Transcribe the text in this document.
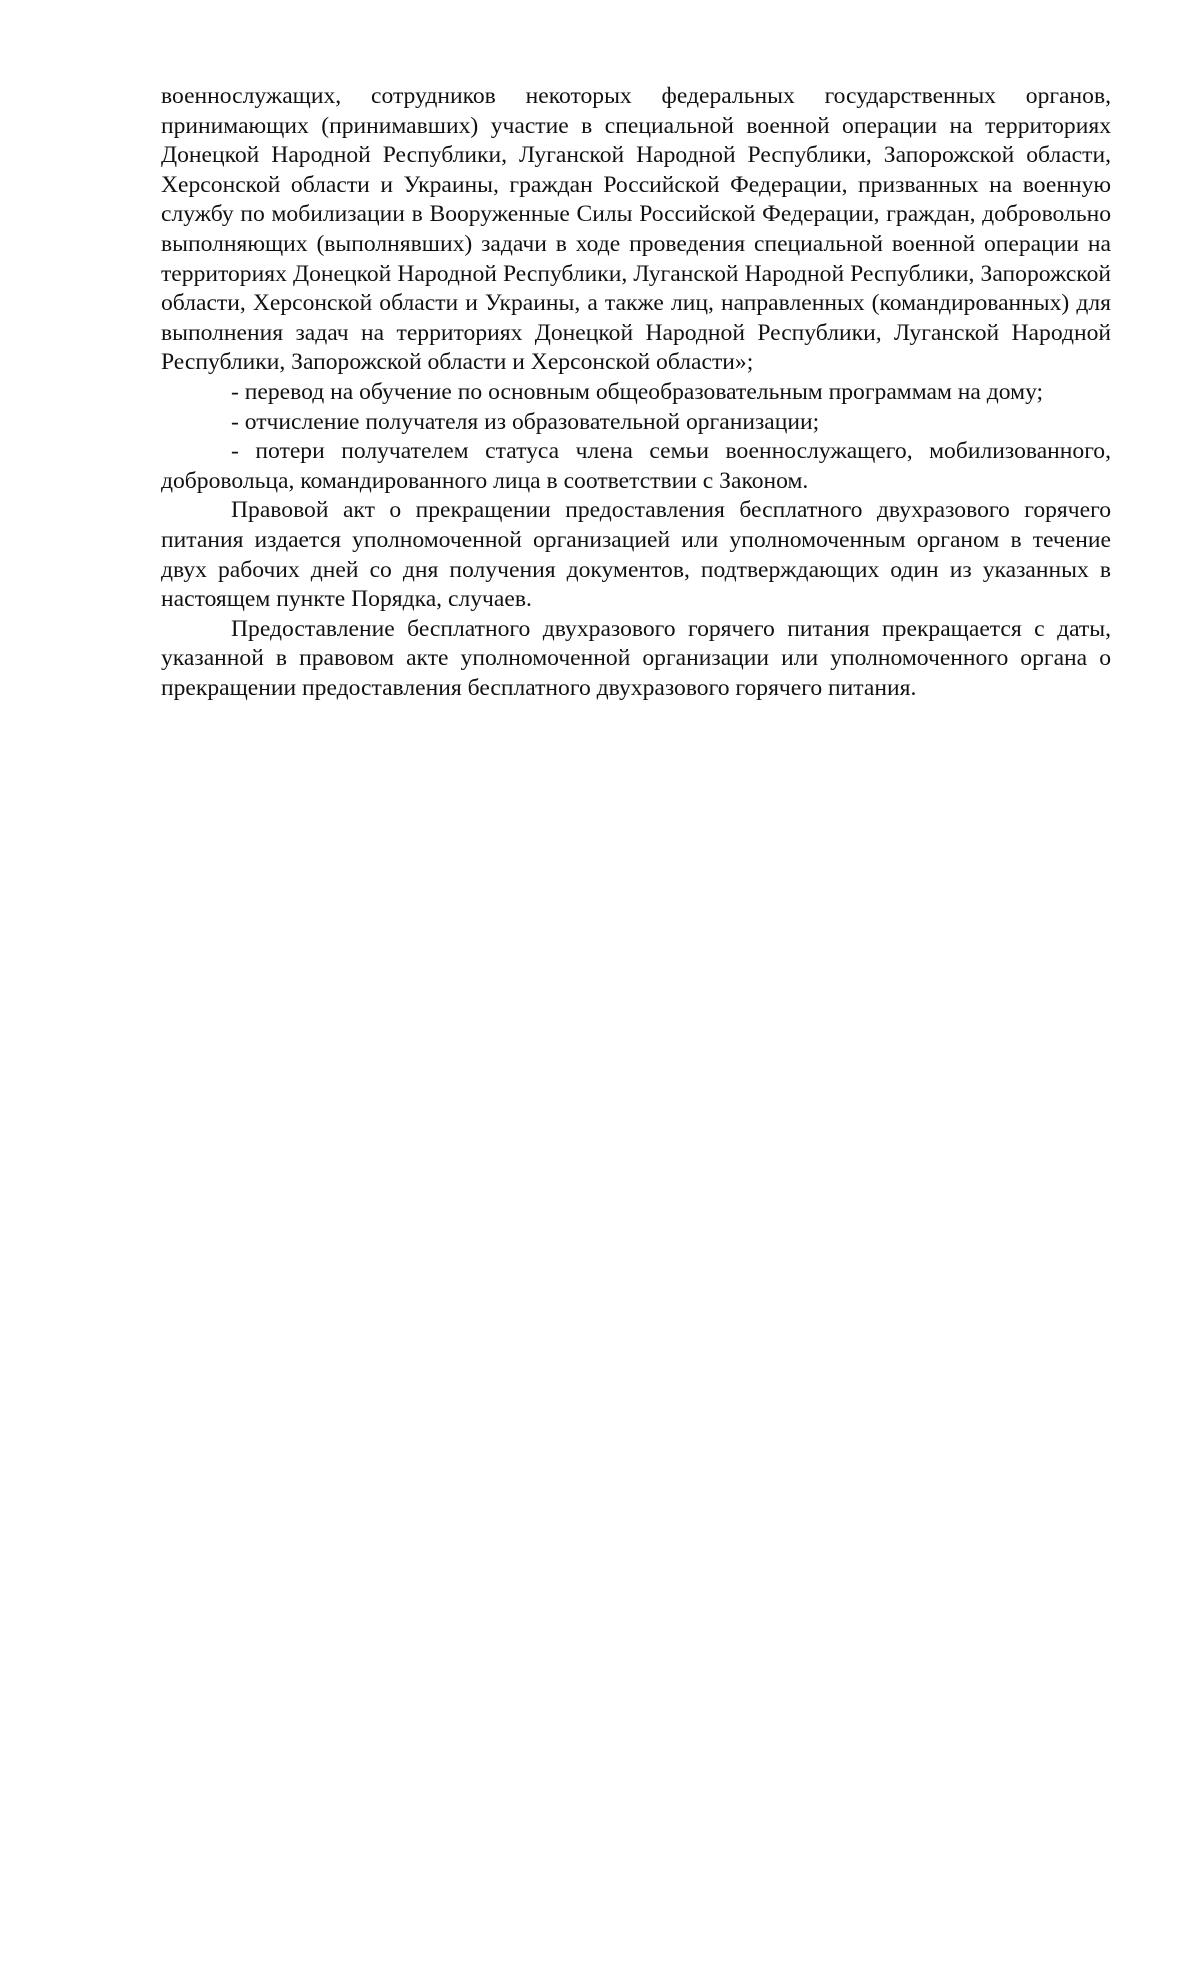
военнослужащих, сотрудников некоторых федеральных государственных органов, принимающих (принимавших) участие в специальной военной операции на территориях Донецкой Народной Республики, Луганской Народной Республики, Запорожской области, Херсонской области и Украины, граждан Российской Федерации, призванных на военную службу по мобилизации в Вооруженные Силы Российской Федерации, граждан, добровольно выполняющих (выполнявших) задачи в ходе проведения специальной военной операции на территориях Донецкой Народной Республики, Луганской Народной Республики, Запорожской области, Херсонской области и Украины, а также лиц, направленных (командированных) для выполнения задач на территориях Донецкой Народной Республики, Луганской Народной Республики, Запорожской области и Херсонской области»;

- перевод на обучение по основным общеобразовательным программам на дому;

- отчисление получателя из образовательной организации;

- потери получателем статуса члена семьи военнослужащего, мобилизованного, добровольца, командированного лица в соответствии с Законом.

Правовой акт о прекращении предоставления бесплатного двухразового горячего питания издается уполномоченной организацией или уполномоченным органом в течение двух рабочих дней со дня получения документов, подтверждающих один из указанных в настоящем пункте Порядка, случаев.

Предоставление бесплатного двухразового горячего питания прекращается с даты, указанной в правовом акте уполномоченной организации или уполномоченного органа о прекращении предоставления бесплатного двухразового горячего питания.
